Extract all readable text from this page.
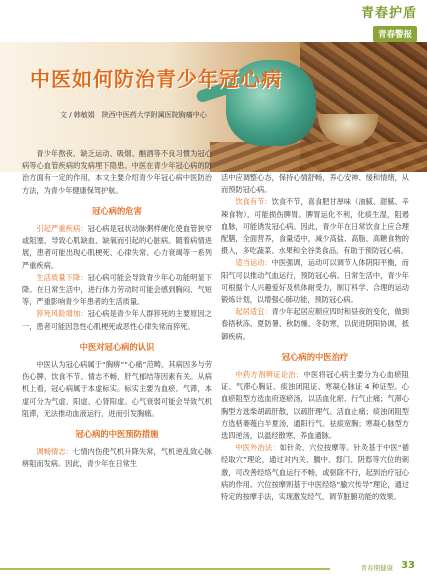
青春护盾
青春警报
中医如何防治青少年冠心病
文 / 韩敏娟　陕西中医药大学附属医院胸痛中心

青少年熬夜、缺乏运动、吸烟、酗酒等不良习惯为冠心病等心血管疾病的发病埋下隐患。中医在青少年冠心病的防治方面有一定的作用，本文主要介绍青少年冠心病中医防治方法，为青少年健康保驾护航。

冠心病的危害

引起严重疾病：冠心病是冠状动脉粥样硬化使血管狭窄或阻塞，导致心肌缺血、缺氧而引起的心脏病。随着病情进展，患者可能出现心肌梗死、心律失常、心力衰竭等一系列严重疾病。

生活质量下降：冠心病可能会导致青少年心功能明显下降。在日常生活中，进行体力劳动时可能会感到胸闷、气短等，严重影响青少年患者的生活质量。

猝死风险增加：冠心病是青少年人群猝死的主要原因之一，患者可能因急性心肌梗死或恶性心律失常而猝死。

中医对冠心病的认识

中医认为冠心病属于“胸痹”“心痛”范畴。其病因多与劳伤心脾、饮食不节、情志不畅、肝气郁结等因素有关。从病机上看，冠心病属于本虚标实。标实主要为血瘀、气滞，本虚可分为气虚、阳虚、心肾阳虚。心气衰弱可能会导致气机阻滞，无法推动血液运行，进而引发胸痛。

冠心病的中医预防措施

调畅情志：七情内伤使气机升降失常，气机逆乱致心脉痹阻而发病。因此，青少年在日常生

活中应调整心态，保持心情舒畅，养心安神、缓和情绪，从而预防冠心病。

饮食有节：饮食不节，喜食肥甘厚味（油腻、甜腻、辛辣食物），可能损伤脾胃。脾胃运化不利，化痰生湿，阻遏血脉，可能诱发冠心病。因此，青少年在日常饮食上应合理配膳，全面营养，食量适中，减少高盐、高脂、高糖食物的摄入，多吃蔬菜、水果和全谷类食品，有助于预防冠心病。

适当运动：中医强调，运动可以调节人体阴阳平衡，而阳气可以推动气血运行，预防冠心病。日常生活中，青少年可根据个人兴趣爱好及机体耐受力，制订科学、合理的运动锻炼计划，以增强心肺功能，预防冠心病。

起居适宜：青少年起居应顺应四时和昼夜的变化，做到春捂秋冻、夏防暑、秋防燥、冬防寒，以促进阴阳协调，抵御疾病。

冠心病的中医治疗

中药方剂辨证论治：中医将冠心病主要分为心血瘀阻证、气滞心胸证、痰浊闭阻证、寒凝心脉证 4 种证型。心血瘀阻型方选血府逐瘀汤，以活血化瘀、行气止痛；气滞心胸型方选柴胡疏肝散，以疏肝理气、活血止痛；痰浊闭阻型方选栝蒌薤白半夏汤，通阳行气、祛痰宽胸；寒凝心脉型方选四逆汤，以温经散寒、养血通脉。

中医外治法：如针灸、穴位按摩等。针灸基于中医“循经取穴”理论，通过对内关、膻中、郄门、阴郄等穴位的刺激，可改善经络气血运行不畅，或驱除不行，起到治疗冠心病的作用。穴位按摩则基于中医经络“腧穴传导”理论，通过特定的按摩手法，实现激发经气、调节脏腑功能的效果。

青春期健康 33
